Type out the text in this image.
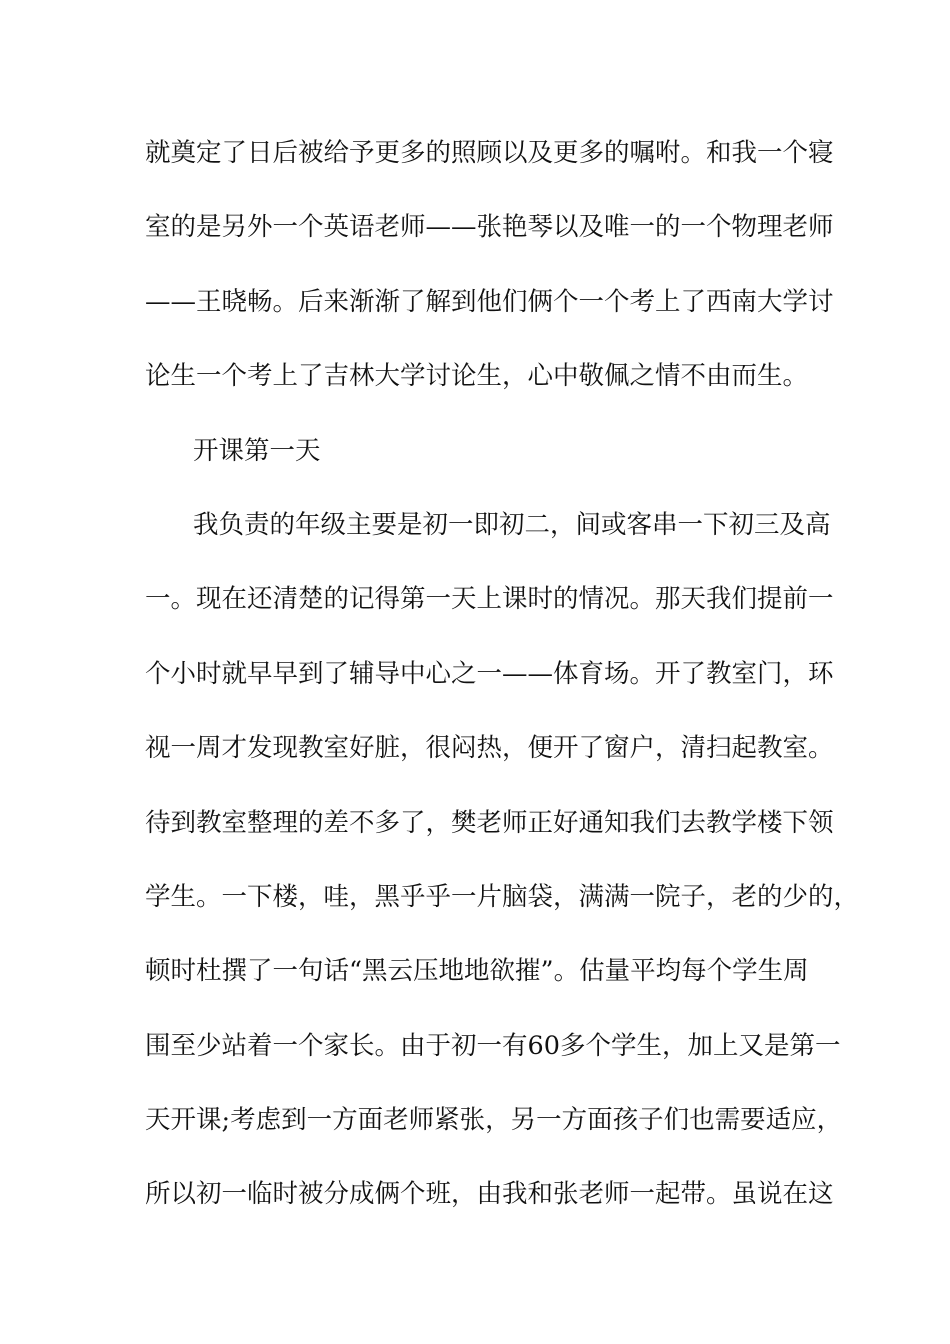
就奠定了日后被给予更多的照顾以及更多的嘱咐。和我一个寝
室的是另外一个英语老师——张艳琴以及唯一的一个物理老师
——王晓畅。后来渐渐了解到他们俩个一个考上了西南大学讨
论生一个考上了吉林大学讨论生，心中敬佩之情不由而生。
开课第一天
我负责的年级主要是初一即初二，间或客串一下初三及高
一。现在还清楚的记得第一天上课时的情况。那天我们提前一
个小时就早早到了辅导中心之一——体育场。开了教室门，环
视一周才发现教室好脏，很闷热，便开了窗户，清扫起教室。
待到教室整理的差不多了，樊老师正好通知我们去教学楼下领
学生。一下楼，哇，黑乎乎一片脑袋，满满一院子，老的少的，
顿时杜撰了一句话“黑云压地地欲摧”。估量平均每个学生周
围至少站着一个家长。由于初一有60多个学生，加上又是第一
天开课;考虑到一方面老师紧张，另一方面孩子们也需要适应，
所以初一临时被分成俩个班，由我和张老师一起带。虽说在这
